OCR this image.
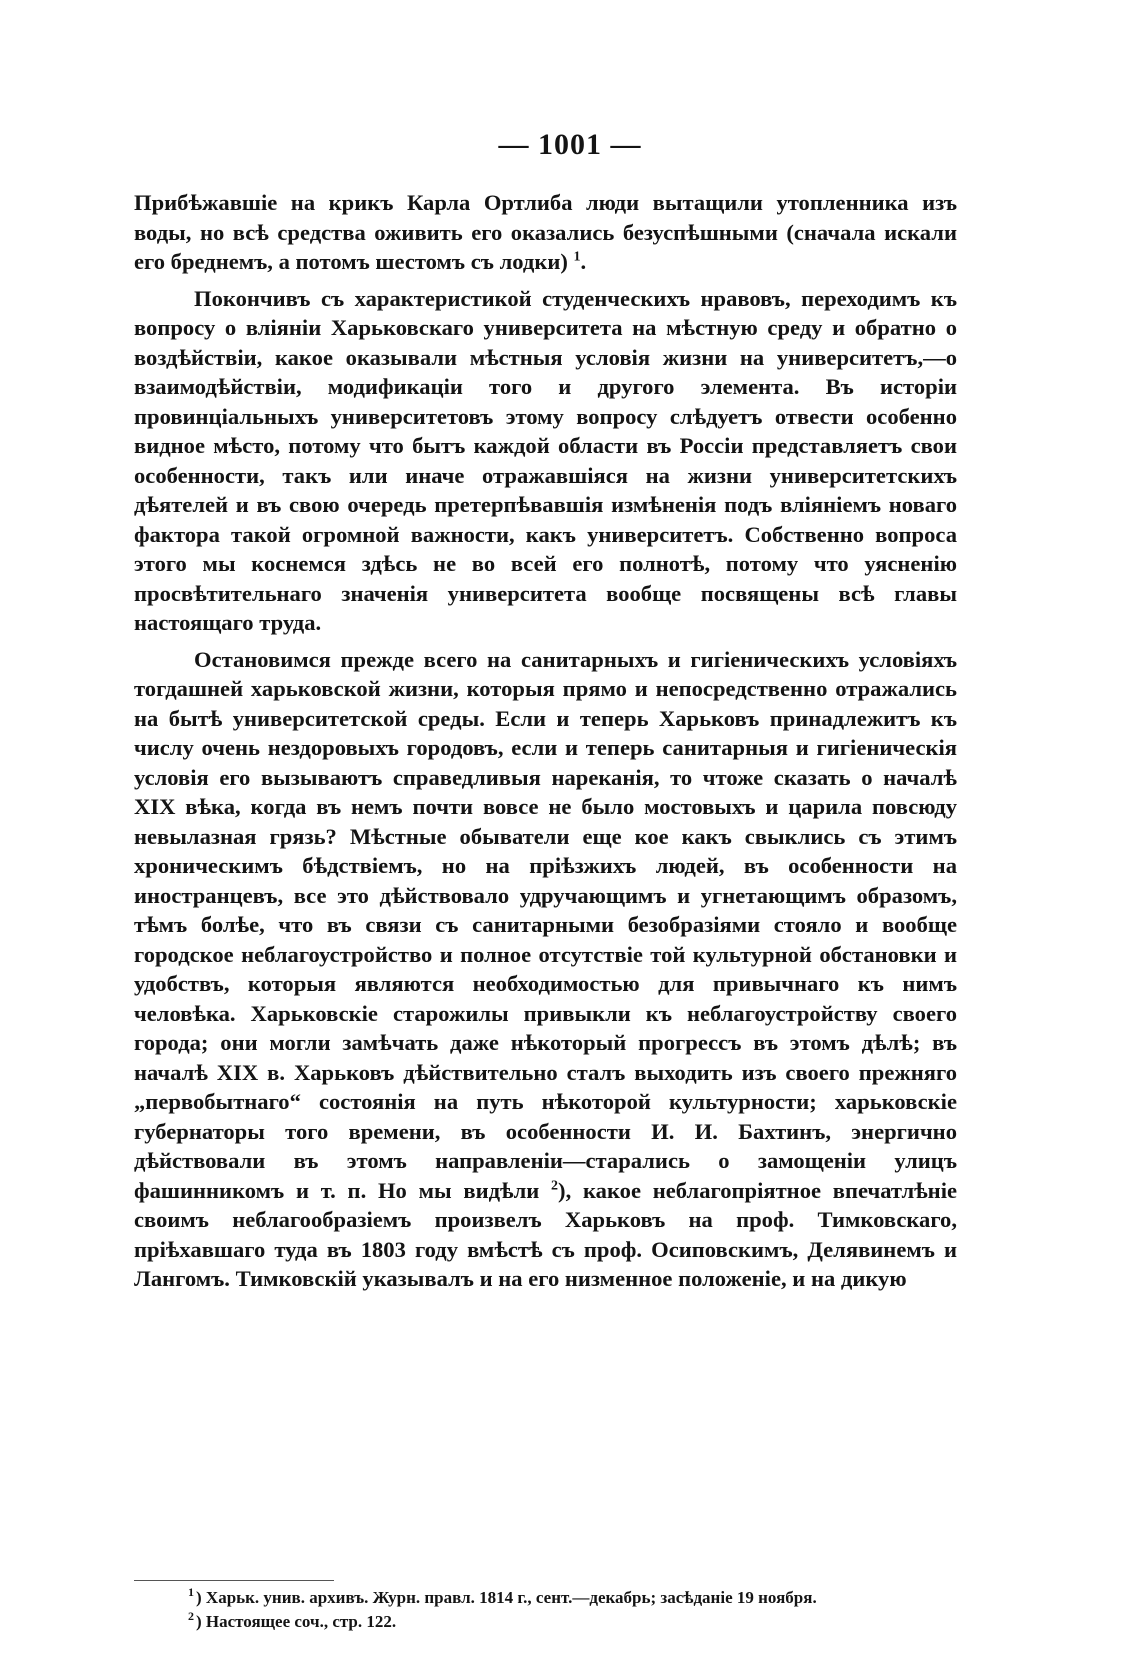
— 1001 —

Прибѣжавшіе на крикъ Карла Ортлиба люди вытащили утопленника изъ воды, но всѣ средства оживить его оказались безуспѣшными (сначала искали его бреднемъ, а потомъ шестомъ съ лодки) $^1$.

Покончивъ съ характеристикой студенческихъ нравовъ, переходимъ къ вопросу о вліяніи Харьковскаго университета на мѣстную среду и обратно о воздѣйствіи, какое оказывали мѣстныя условія жизни на университетъ,—о взаимодѣйствіи, модификаціи того и другого элемента. Въ исторіи провинціальныхъ университетовъ этому вопросу слѣдуетъ отвести особенно видное мѣсто, потому что бытъ каждой области въ Россіи представляетъ свои особенности, такъ или иначе отражавшіяся на жизни университетскихъ дѣятелей и въ свою очередь претерпѣвавшія измѣненія подъ вліяніемъ новаго фактора такой огромной важности, какъ университетъ. Собственно вопроса этого мы коснемся здѣсь не во всей его полнотѣ, потому что уясненію просвѣтительнаго значенія университета вообще посвящены всѣ главы настоящаго труда.

Остановимся прежде всего на санитарныхъ и гигіеническихъ условіяхъ тогдашней харьковской жизни, которыя прямо и непосредственно отражались на бытѣ университетской среды. Если и теперь Харьковъ принадлежитъ къ числу очень нездоровыхъ городовъ, если и теперь санитарныя и гигіеническія условія его вызываютъ справедливыя нареканія, то чтоже сказать о началѣ XIX вѣка, когда въ немъ почти вовсе не было мостовыхъ и царила повсюду невылазная грязь? Мѣстные обыватели еще кое какъ свыклись съ этимъ хроническимъ бѣдствіемъ, но на пріѣзжихъ людей, въ особенности на иностранцевъ, все это дѣйствовало удручающимъ и угнетающимъ образомъ, тѣмъ болѣе, что въ связи съ санитарными безобразіями стояло и вообще городское неблагоустройство и полное отсутствіе той культурной обстановки и удобствъ, которыя являются необходимостью для привычнаго къ нимъ человѣка. Харьковскіе старожилы привыкли къ неблагоустройству своего города; они могли замѣчать даже нѣкоторый прогрессъ въ этомъ дѣлѣ; въ началѣ XIX в. Харьковъ дѣйствительно сталъ выходить изъ своего прежняго „первобытнаго“ состоянія на путь нѣкоторой культурности; харьковскіе губернаторы того времени, въ особенности И. И. Бахтинъ, энергично дѣйствовали въ этомъ направленіи—старались о замощеніи улицъ фашинникомъ и т. п. Но мы видѣли $^2$), какое неблагопріятное впечатлѣніе своимъ неблагообразіемъ произвелъ Харьковъ на проф. Тимковскаго, пріѣхавшаго туда въ 1803 году вмѣстѣ съ проф. Осиповскимъ, Делявинемъ и Лангомъ. Тимковскій указывалъ и на его низменное положеніе, и на дикую

$^1$ ) Харьк. унив. архивъ. Журн. правл. 1814 г., сент.—декабрь; засѣданіе 19 ноября.

$^2$ ) Настоящее соч., стр. 122.
